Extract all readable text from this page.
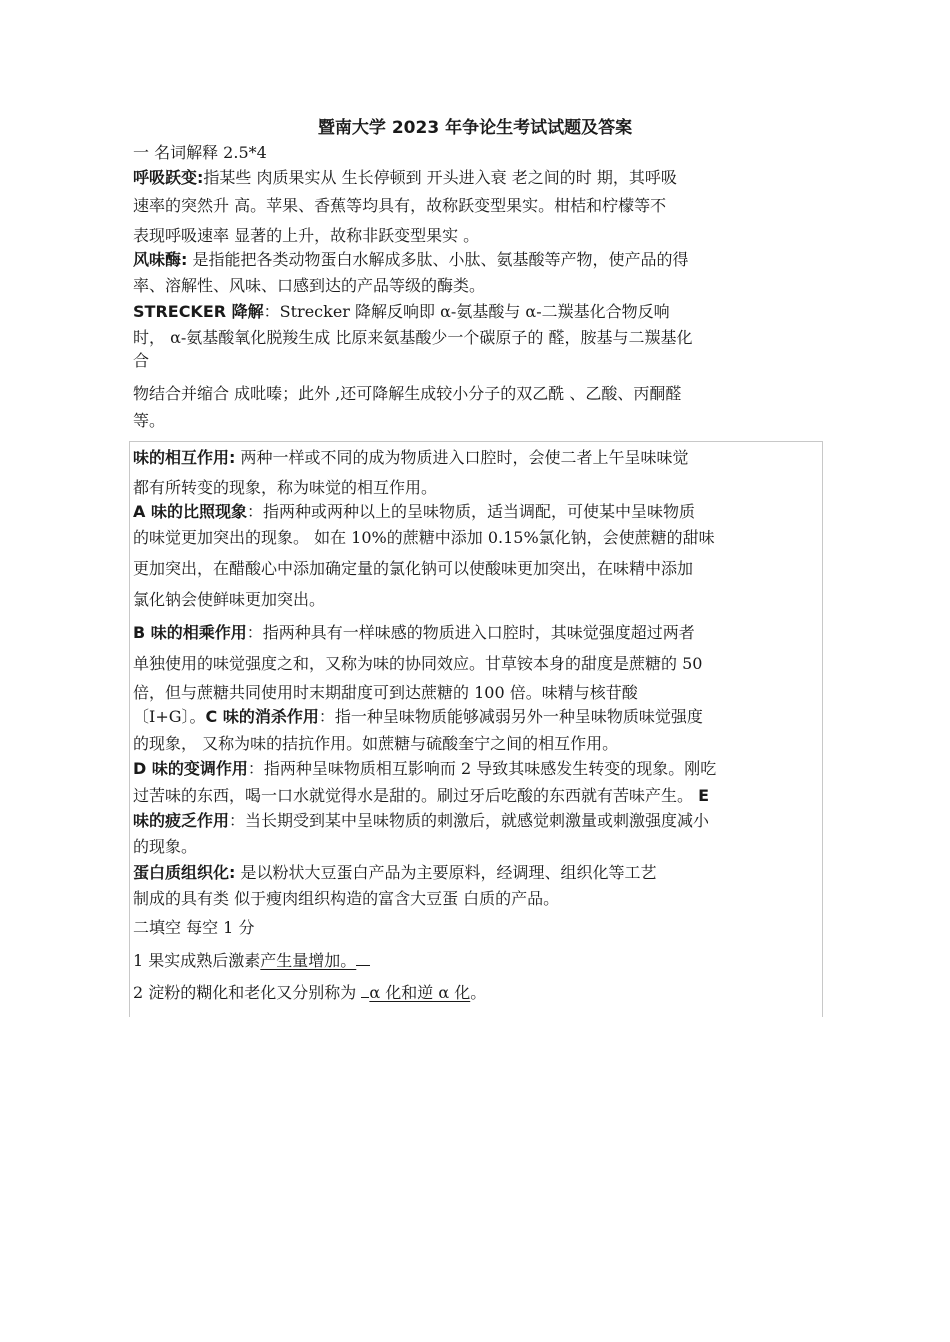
暨南大学 2023 年争论生考试试题及答案
一 名词解释 2.5*4
呼吸跃变:指某些 肉质果实从 生长停顿到 开头进入衰 老之间的时 期，其呼吸
速率的突然升 高。苹果、香蕉等均具有，故称跃变型果实。柑桔和柠檬等不
表现呼吸速率 显著的上升，故称非跃变型果实 。
风味酶: 是指能把各类动物蛋白水解成多肽、小肽、氨基酸等产物，使产品的得
率、溶解性、风味、口感到达的产品等级的酶类。
STRECKER 降解：Strecker 降解反响即 α-氨基酸与 α-二羰基化合物反响
时， α-氨基酸氧化脱羧生成 比原来氨基酸少一个碳原子的 醛，胺基与二羰基化
合
物结合并缩合 成吡嗪；此外 ,还可降解生成较小分子的双乙酰 、乙酸、丙酮醛
等。
味的相互作用: 两种一样或不同的成为物质进入口腔时，会使二者上午呈味味觉
都有所转变的现象，称为味觉的相互作用。
A 味的比照现象：指两种或两种以上的呈味物质，适当调配，可使某中呈味物质
的味觉更加突出的现象。 如在 10%的蔗糖中添加 0.15%氯化钠，会使蔗糖的甜味
更加突出，在醋酸心中添加确定量的氯化钠可以使酸味更加突出，在味精中添加
氯化钠会使鲜味更加突出。
B 味的相乘作用：指两种具有一样味感的物质进入口腔时，其味觉强度超过两者
单独使用的味觉强度之和，又称为味的协同效应。甘草铵本身的甜度是蔗糖的 50
倍，但与蔗糖共同使用时末期甜度可到达蔗糖的 100 倍。味精与核苷酸
〔I+G〕。C 味的消杀作用：指一种呈味物质能够减弱另外一种呈味物质味觉强度
的现象， 又称为味的拮抗作用。如蔗糖与硫酸奎宁之间的相互作用。
D 味的变调作用：指两种呈味物质相互影响而 2 导致其味感发生转变的现象。刚吃
过苦味的东西，喝一口水就觉得水是甜的。刷过牙后吃酸的东西就有苦味产生。 E
味的疲乏作用：当长期受到某中呈味物质的刺激后，就感觉刺激量或刺激强度减小
的现象。
蛋白质组织化: 是以粉状大豆蛋白产品为主要原料，经调理、组织化等工艺
制成的具有类 似于瘦肉组织构造的富含大豆蛋 白质的产品。
二填空 每空 1 分
1 果实成熟后激素产生量增加。
2 淀粉的糊化和老化又分别称为 α 化和逆 α 化。
